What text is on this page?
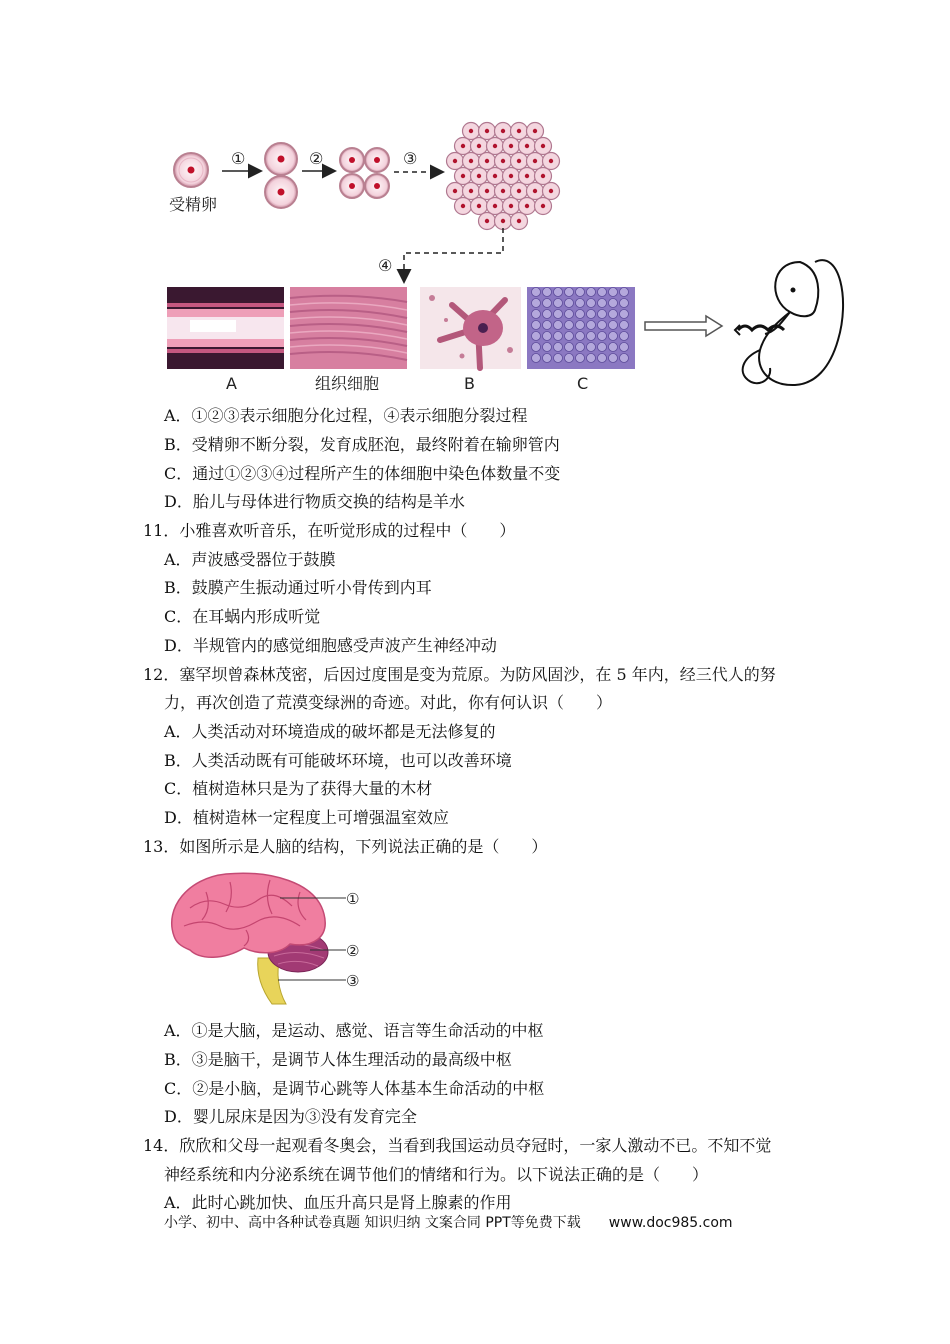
受精卵
①	②	③
④
A	组织细胞	B	C
A．①②③表示细胞分化过程，④表示细胞分裂过程
B．受精卵不断分裂，发育成胚泡，最终附着在输卵管内
C．通过①②③④过程所产生的体细胞中染色体数量不变
D．胎儿与母体进行物质交换的结构是羊水
11．小雅喜欢听音乐，在听觉形成的过程中（　　）
A．声波感受器位于鼓膜
B．鼓膜产生振动通过听小骨传到内耳
C．在耳蜗内形成听觉
D．半规管内的感觉细胞感受声波产生神经冲动
12．塞罕坝曾森林茂密，后因过度围是变为荒原。为防风固沙，在 5 年内，经三代人的努
力，再次创造了荒漠变绿洲的奇迹。对此，你有何认识（　　）
A．人类活动对环境造成的破坏都是无法修复的
B．人类活动既有可能破坏环境，也可以改善环境
C．植树造林只是为了获得大量的木材
D．植树造林一定程度上可增强温室效应
13．如图所示是人脑的结构，下列说法正确的是（　　）
①
②
③
A．①是大脑，是运动、感觉、语言等生命活动的中枢
B．③是脑干，是调节人体生理活动的最高级中枢
C．②是小脑，是调节心跳等人体基本生命活动的中枢
D．婴儿尿床是因为③没有发育完全
14．欣欣和父母一起观看冬奥会，当看到我国运动员夺冠时，一家人激动不已。不知不觉
神经系统和内分泌系统在调节他们的情绪和行为。以下说法正确的是（　　）
A．此时心跳加快、血压升高只是肾上腺素的作用
小学、初中、高中各种试卷真题 知识归纳 文案合同 PPT等免费下载 www.doc985.com
